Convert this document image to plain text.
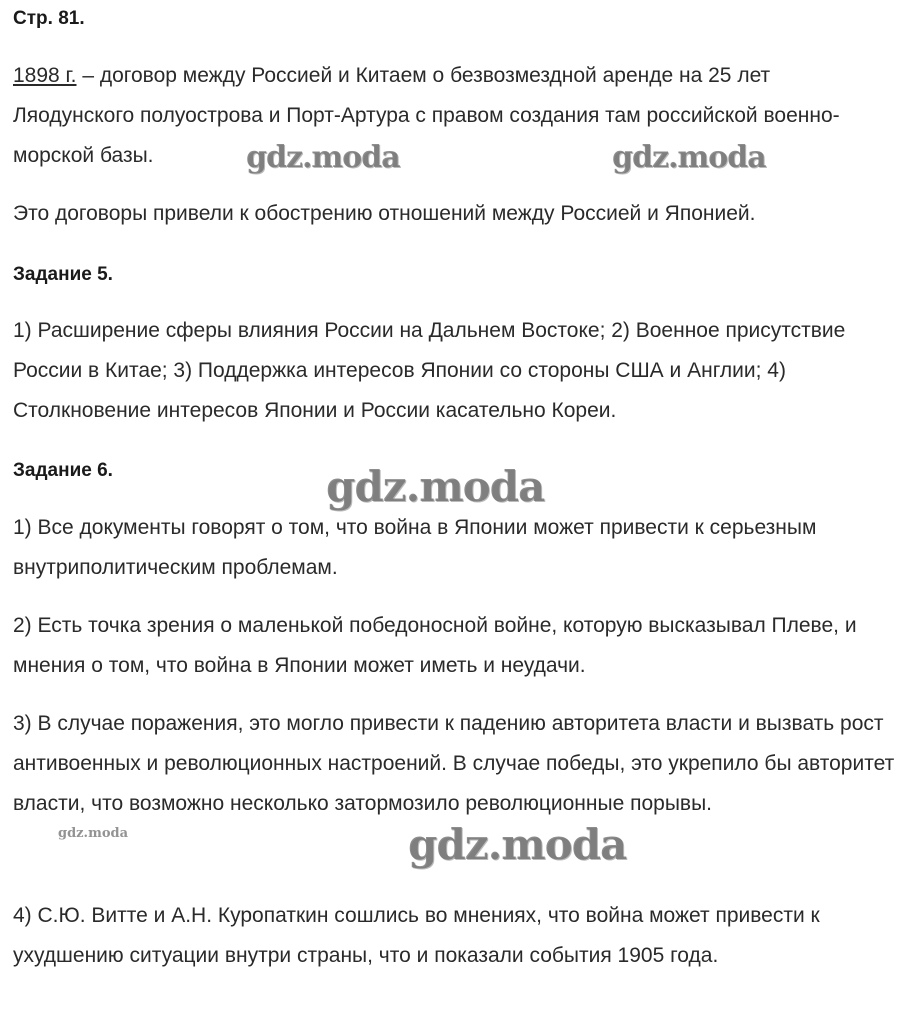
Стр. 81.

1898 г. – договор между Россией и Китаем о безвозмездной аренде на 25 лет Ляодунского полуострова и Порт-Артура с правом создания там российской военно-морской базы.

Это договоры привели к обострению отношений между Россией и Японией.

Задание 5.

1) Расширение сферы влияния России на Дальнем Востоке; 2) Военное присутствие России в Китае; 3) Поддержка интересов Японии со стороны США и Англии; 4) Столкновение интересов Японии и России касательно Кореи.

Задание 6.

1) Все документы говорят о том, что война в Японии может привести к серьезным внутриполитическим проблемам.

2) Есть точка зрения о маленькой победоносной войне, которую высказывал Плеве, и мнения о том, что война в Японии может иметь и неудачи.

3) В случае поражения, это могло привести к падению авторитета власти и вызвать рост антивоенных и революционных настроений. В случае победы, это укрепило бы авторитет власти, что возможно несколько затормозило революционные порывы.

4) С.Ю. Витте и А.Н. Куропаткин сошлись во мнениях, что война может привести к ухудшению ситуации внутри страны, что и показали события 1905 года.

gdz.moda	gdz.moda
gdz.moda
gdz.moda	gdz.moda
